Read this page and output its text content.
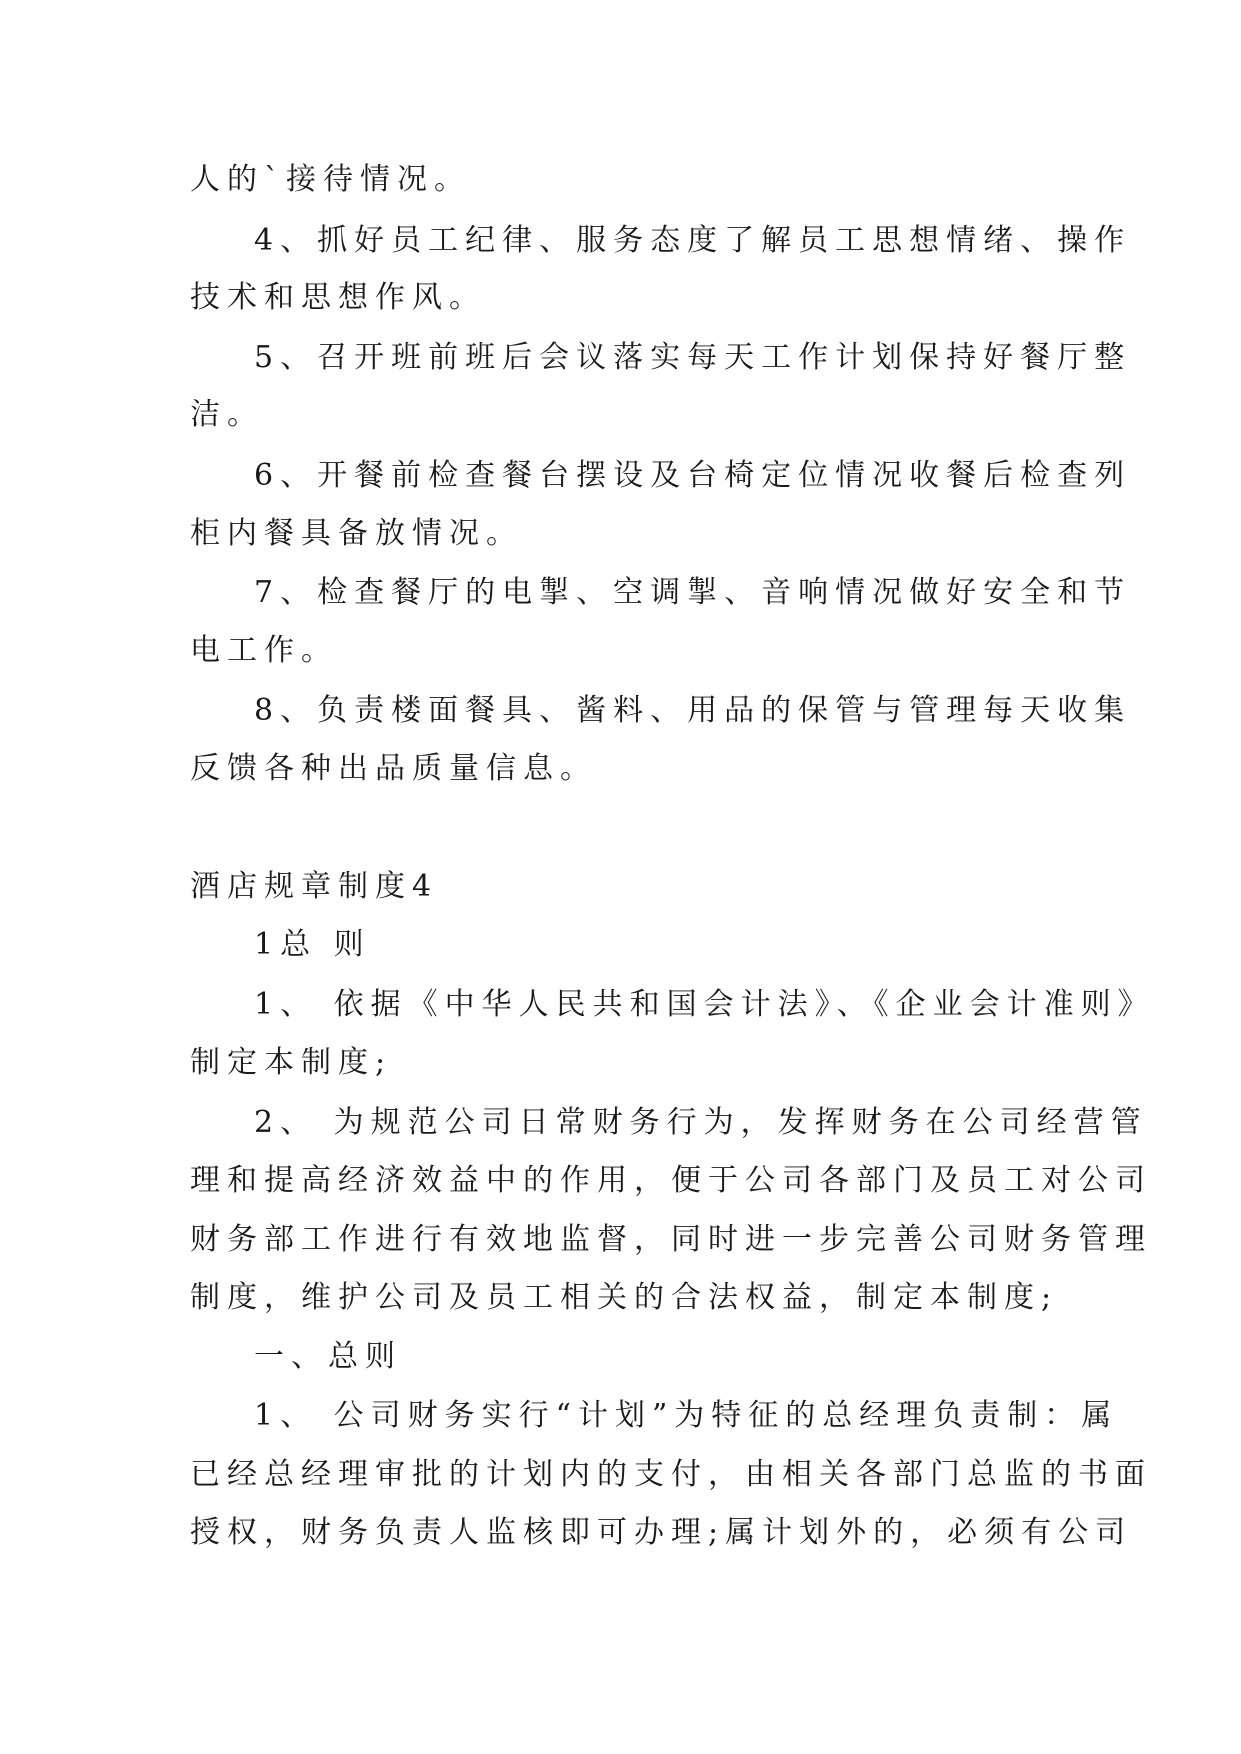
人的`接待情况。
4、抓好员工纪律、服务态度了解员工思想情绪、操作
技术和思想作风。
5、召开班前班后会议落实每天工作计划保持好餐厅整
洁。
6、开餐前检查餐台摆设及台椅定位情况收餐后检查列
柜内餐具备放情况。
7、检查餐厅的电掣、空调掣、音响情况做好安全和节
电工作。
8、负责楼面餐具、酱料、用品的保管与管理每天收集
反馈各种出品质量信息。
酒店规章制度4
1总 则
1、 依据《中华人民共和国会计法》、《企业会计准则》
制定本制度;
2、 为规范公司日常财务行为，发挥财务在公司经营管
理和提高经济效益中的作用，便于公司各部门及员工对公司
财务部工作进行有效地监督，同时进一步完善公司财务管理
制度，维护公司及员工相关的合法权益，制定本制度;
一、总则
1、 公司财务实行“计划”为特征的总经理负责制：属
已经总经理审批的计划内的支付，由相关各部门总监的书面
授权，财务负责人监核即可办理;属计划外的，必须有公司
